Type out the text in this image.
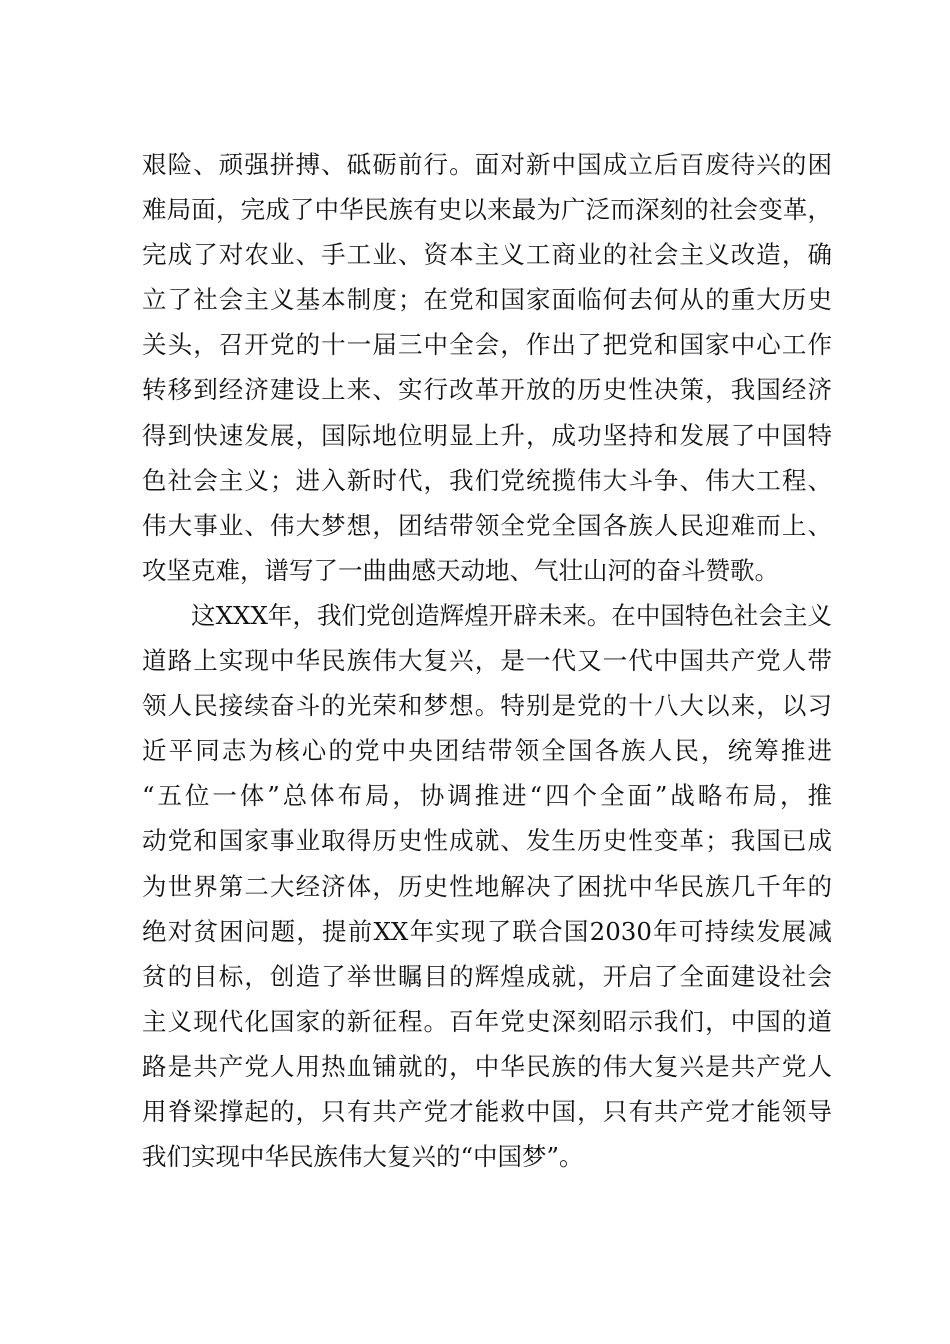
艰险、顽强拼搏、砥砺前行。面对新中国成立后百废待兴的困
难局面，完成了中华民族有史以来最为广泛而深刻的社会变革，
完成了对农业、手工业、资本主义工商业的社会主义改造，确
立了社会主义基本制度；在党和国家面临何去何从的重大历史
关头，召开党的十一届三中全会，作出了把党和国家中心工作
转移到经济建设上来、实行改革开放的历史性决策，我国经济
得到快速发展，国际地位明显上升，成功坚持和发展了中国特
色社会主义；进入新时代，我们党统揽伟大斗争、伟大工程、
伟大事业、伟大梦想，团结带领全党全国各族人民迎难而上、
攻坚克难，谱写了一曲曲感天动地、气壮山河的奋斗赞歌。
　　这XXX年，我们党创造辉煌开辟未来。在中国特色社会主义
道路上实现中华民族伟大复兴，是一代又一代中国共产党人带
领人民接续奋斗的光荣和梦想。特别是党的十八大以来，以习
近平同志为核心的党中央团结带领全国各族人民，统筹推进
“五位一体”总体布局，协调推进“四个全面”战略布局，推
动党和国家事业取得历史性成就、发生历史性变革；我国已成
为世界第二大经济体，历史性地解决了困扰中华民族几千年的
绝对贫困问题，提前XX年实现了联合国2030年可持续发展减
贫的目标，创造了举世瞩目的辉煌成就，开启了全面建设社会
主义现代化国家的新征程。百年党史深刻昭示我们，中国的道
路是共产党人用热血铺就的，中华民族的伟大复兴是共产党人
用脊梁撑起的，只有共产党才能救中国，只有共产党才能领导
我们实现中华民族伟大复兴的“中国梦”。
